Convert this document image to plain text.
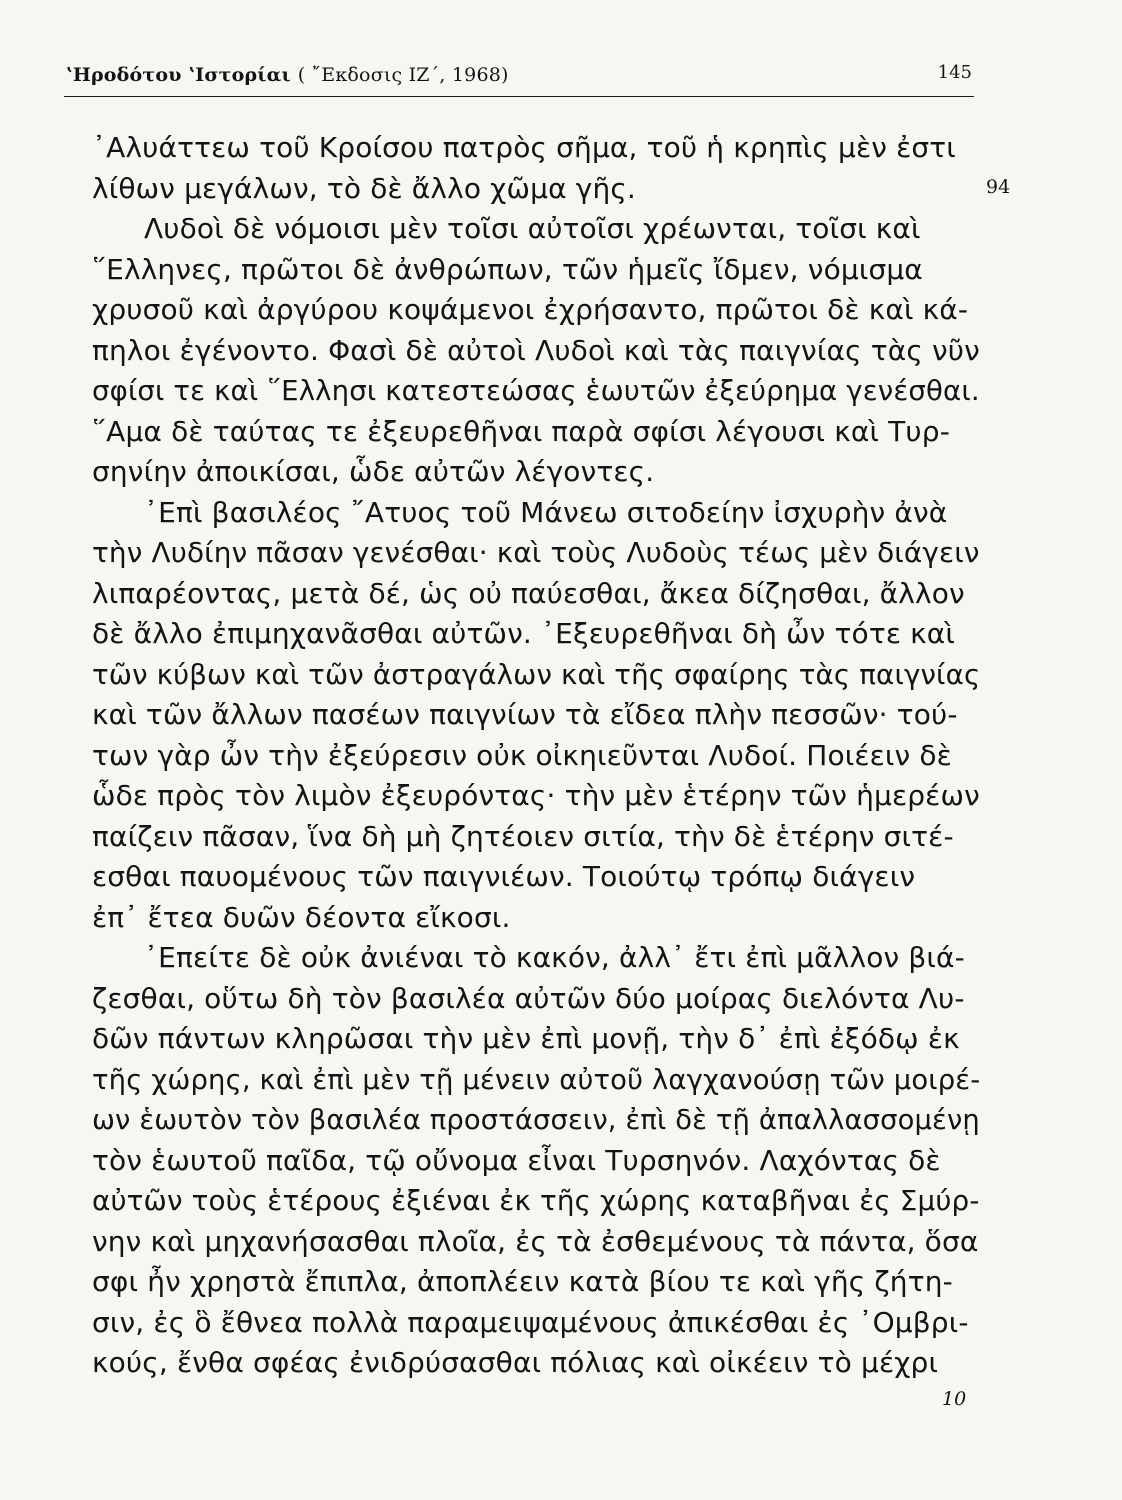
ʽΗροδότου ʽΙστορίαι ( ῎Εκδοσις ΙΖ΄, 1968)	145
94
᾿Αλυάττεω τοῦ Κροίσου πατρὸς σῆμα, τοῦ ἡ κρηπὶς μὲν ἐστι
λίθων μεγάλων, τὸ δὲ ἄλλο χῶμα γῆς.
Λυδοὶ δὲ νόμοισι μὲν τοῖσι αὐτοῖσι χρέωνται, τοῖσι καὶ
῞Ελληνες, πρῶτοι δὲ ἀνθρώπων, τῶν ἡμεῖς ἴδμεν, νόμισμα
χρυσοῦ καὶ ἀργύρου κοψάμενοι ἐχρήσαντο, πρῶτοι δὲ καὶ κά-
πηλοι ἐγένοντο. Φασὶ δὲ αὐτοὶ Λυδοὶ καὶ τὰς παιγνίας τὰς νῦν
σφίσι τε καὶ ῞Ελλησι κατεστεώσας ἑωυτῶν ἐξεύρημα γενέσθαι.
῞Αμα δὲ ταύτας τε ἐξευρεθῆναι παρὰ σφίσι λέγουσι καὶ Τυρ-
σηνίην ἀποικίσαι, ὧδε αὐτῶν λέγοντες.
᾿Επὶ βασιλέος ῎Ατυος τοῦ Μάνεω σιτοδείην ἰσχυρὴν ἀνὰ
τὴν Λυδίην πᾶσαν γενέσθαι· καὶ τοὺς Λυδοὺς τέως μὲν διάγειν
λιπαρέοντας, μετὰ δέ, ὡς οὐ παύεσθαι, ἄκεα δίζησθαι, ἄλλον
δὲ ἄλλο ἐπιμηχανᾶσθαι αὐτῶν. ᾿Εξευρεθῆναι δὴ ὦν τότε καὶ
τῶν κύβων καὶ τῶν ἀστραγάλων καὶ τῆς σφαίρης τὰς παιγνίας
καὶ τῶν ἄλλων πασέων παιγνίων τὰ εἴδεα πλὴν πεσσῶν· τού-
των γὰρ ὦν τὴν ἐξεύρεσιν οὐκ οἰκηιεῦνται Λυδοί. Ποιέειν δὲ
ὧδε πρὸς τὸν λιμὸν ἐξευρόντας· τὴν μὲν ἑτέρην τῶν ἡμερέων
παίζειν πᾶσαν, ἵνα δὴ μὴ ζητέοιεν σιτία, τὴν δὲ ἑτέρην σιτέ-
εσθαι παυομένους τῶν παιγνιέων. Τοιούτῳ τρόπῳ διάγειν
ἐπ᾿ ἔτεα δυῶν δέοντα εἴκοσι.
᾿Επείτε δὲ οὐκ ἀνιέναι τὸ κακόν, ἀλλ᾿ ἔτι ἐπὶ μᾶλλον βιά-
ζεσθαι, οὕτω δὴ τὸν βασιλέα αὐτῶν δύο μοίρας διελόντα Λυ-
δῶν πάντων κληρῶσαι τὴν μὲν ἐπὶ μονῇ, τὴν δ᾿ ἐπὶ ἐξόδῳ ἐκ
τῆς χώρης, καὶ ἐπὶ μὲν τῇ μένειν αὐτοῦ λαγχανούσῃ τῶν μοιρέ-
ων ἑωυτὸν τὸν βασιλέα προστάσσειν, ἐπὶ δὲ τῇ ἀπαλλασσομένῃ
τὸν ἑωυτοῦ παῖδα, τῷ οὔνομα εἶναι Τυρσηνόν. Λαχόντας δὲ
αὐτῶν τοὺς ἑτέρους ἐξιέναι ἐκ τῆς χώρης καταβῆναι ἐς Σμύρ-
νην καὶ μηχανήσασθαι πλοῖα, ἐς τὰ ἐσθεμένους τὰ πάντα, ὅσα
σφι ἦν χρηστὰ ἔπιπλα, ἀποπλέειν κατὰ βίου τε καὶ γῆς ζήτη-
σιν, ἐς ὃ ἔθνεα πολλὰ παραμειψαμένους ἀπικέσθαι ἐς ᾿Ομβρι-
κούς, ἔνθα σφέας ἐνιδρύσασθαι πόλιας καὶ οἰκέειν τὸ μέχρι
10
